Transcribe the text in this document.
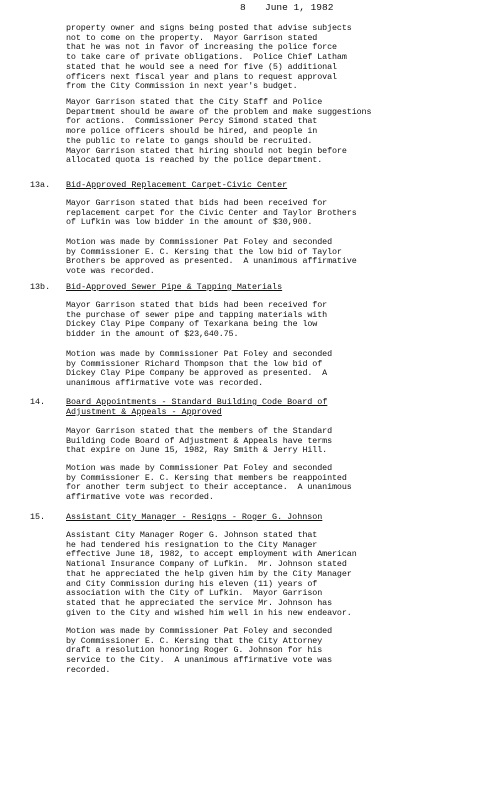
8 June 1, 1982

property owner and signs being posted that advise subjects
not to come on the property.  Mayor Garrison stated
that he was not in favor of increasing the police force
to take care of private obligations.  Police Chief Latham
stated that he would see a need for five (5) additional
officers next fiscal year and plans to request approval
from the City Commission in next year's budget.

Mayor Garrison stated that the City Staff and Police
Department should be aware of the problem and make suggestions
for actions.  Commissioner Percy Simond stated that
more police officers should be hired, and people in
the public to relate to gangs should be recruited.
Mayor Garrison stated that hiring should not begin before
allocated quota is reached by the police department.

13a. Bid-Approved Replacement Carpet-Civic Center

Mayor Garrison stated that bids had been received for
replacement carpet for the Civic Center and Taylor Brothers
of Lufkin was low bidder in the amount of $30,900.

Motion was made by Commissioner Pat Foley and seconded
by Commissioner E. C. Kersing that the low bid of Taylor
Brothers be approved as presented.  A unanimous affirmative
vote was recorded.

13b. Bid-Approved Sewer Pipe & Tapping Materials

Mayor Garrison stated that bids had been received for
the purchase of sewer pipe and tapping materials with
Dickey Clay Pipe Company of Texarkana being the low
bidder in the amount of $23,640.75.

Motion was made by Commissioner Pat Foley and seconded
by Commissioner Richard Thompson that the low bid of
Dickey Clay Pipe Company be approved as presented.  A
unanimous affirmative vote was recorded.

14. Board Appointments - Standard Building Code Board of
Adjustment & Appeals - Approved

Mayor Garrison stated that the members of the Standard
Building Code Board of Adjustment & Appeals have terms
that expire on June 15, 1982, Ray Smith & Jerry Hill.

Motion was made by Commissioner Pat Foley and seconded
by Commissioner E. C. Kersing that members be reappointed
for another term subject to their acceptance.  A unanimous
affirmative vote was recorded.

15. Assistant City Manager - Resigns - Roger G. Johnson

Assistant City Manager Roger G. Johnson stated that
he had tendered his resignation to the City Manager
effective June 18, 1982, to accept employment with American
National Insurance Company of Lufkin.  Mr. Johnson stated
that he appreciated the help given him by the City Manager
and City Commission during his eleven (11) years of
association with the City of Lufkin.  Mayor Garrison
stated that he appreciated the service Mr. Johnson has
given to the City and wished him well in his new endeavor.

Motion was made by Commissioner Pat Foley and seconded
by Commissioner E. C. Kersing that the City Attorney
draft a resolution honoring Roger G. Johnson for his
service to the City.  A unanimous affirmative vote was
recorded.
